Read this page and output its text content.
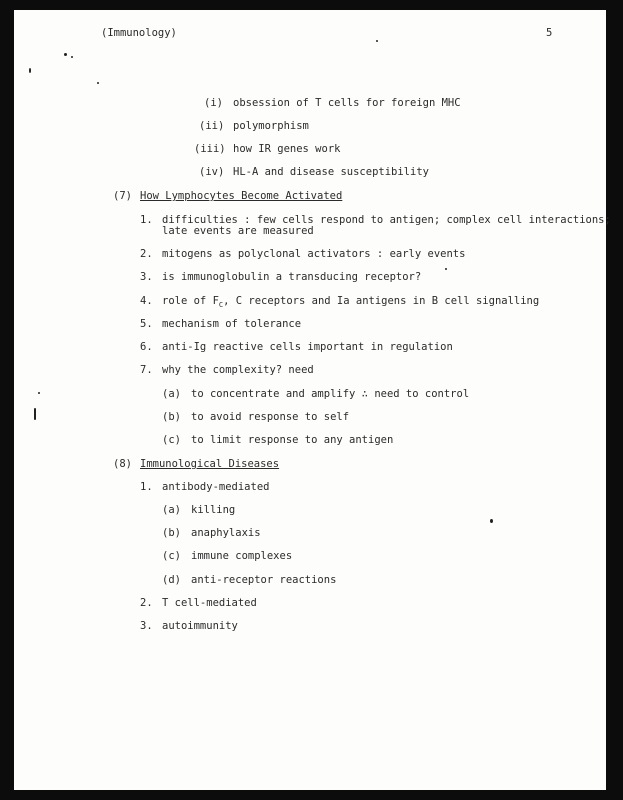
(Immunology)	5
(i) obsession of T cells for foreign MHC
(ii) polymorphism
(iii) how IR genes work
(iv) HL-A and disease susceptibility
(7) How Lymphocytes Become Activated
1. difficulties : few cells respond to antigen; complex cell interactions;
late events are measured
2. mitogens as polyclonal activators : early events
3. is immunoglobulin a transducing receptor?
4. role of $F_C$, C receptors and Ia antigens in B cell signalling
5. mechanism of tolerance
6. anti-Ig reactive cells important in regulation
7. why the complexity? need
(a) to concentrate and amplify ∴ need to control
(b) to avoid response to self
(c) to limit response to any antigen
(8) Immunological Diseases
1. antibody-mediated
(a) killing
(b) anaphylaxis
(c) immune complexes
(d) anti-receptor reactions
2. T cell-mediated
3. autoimmunity
